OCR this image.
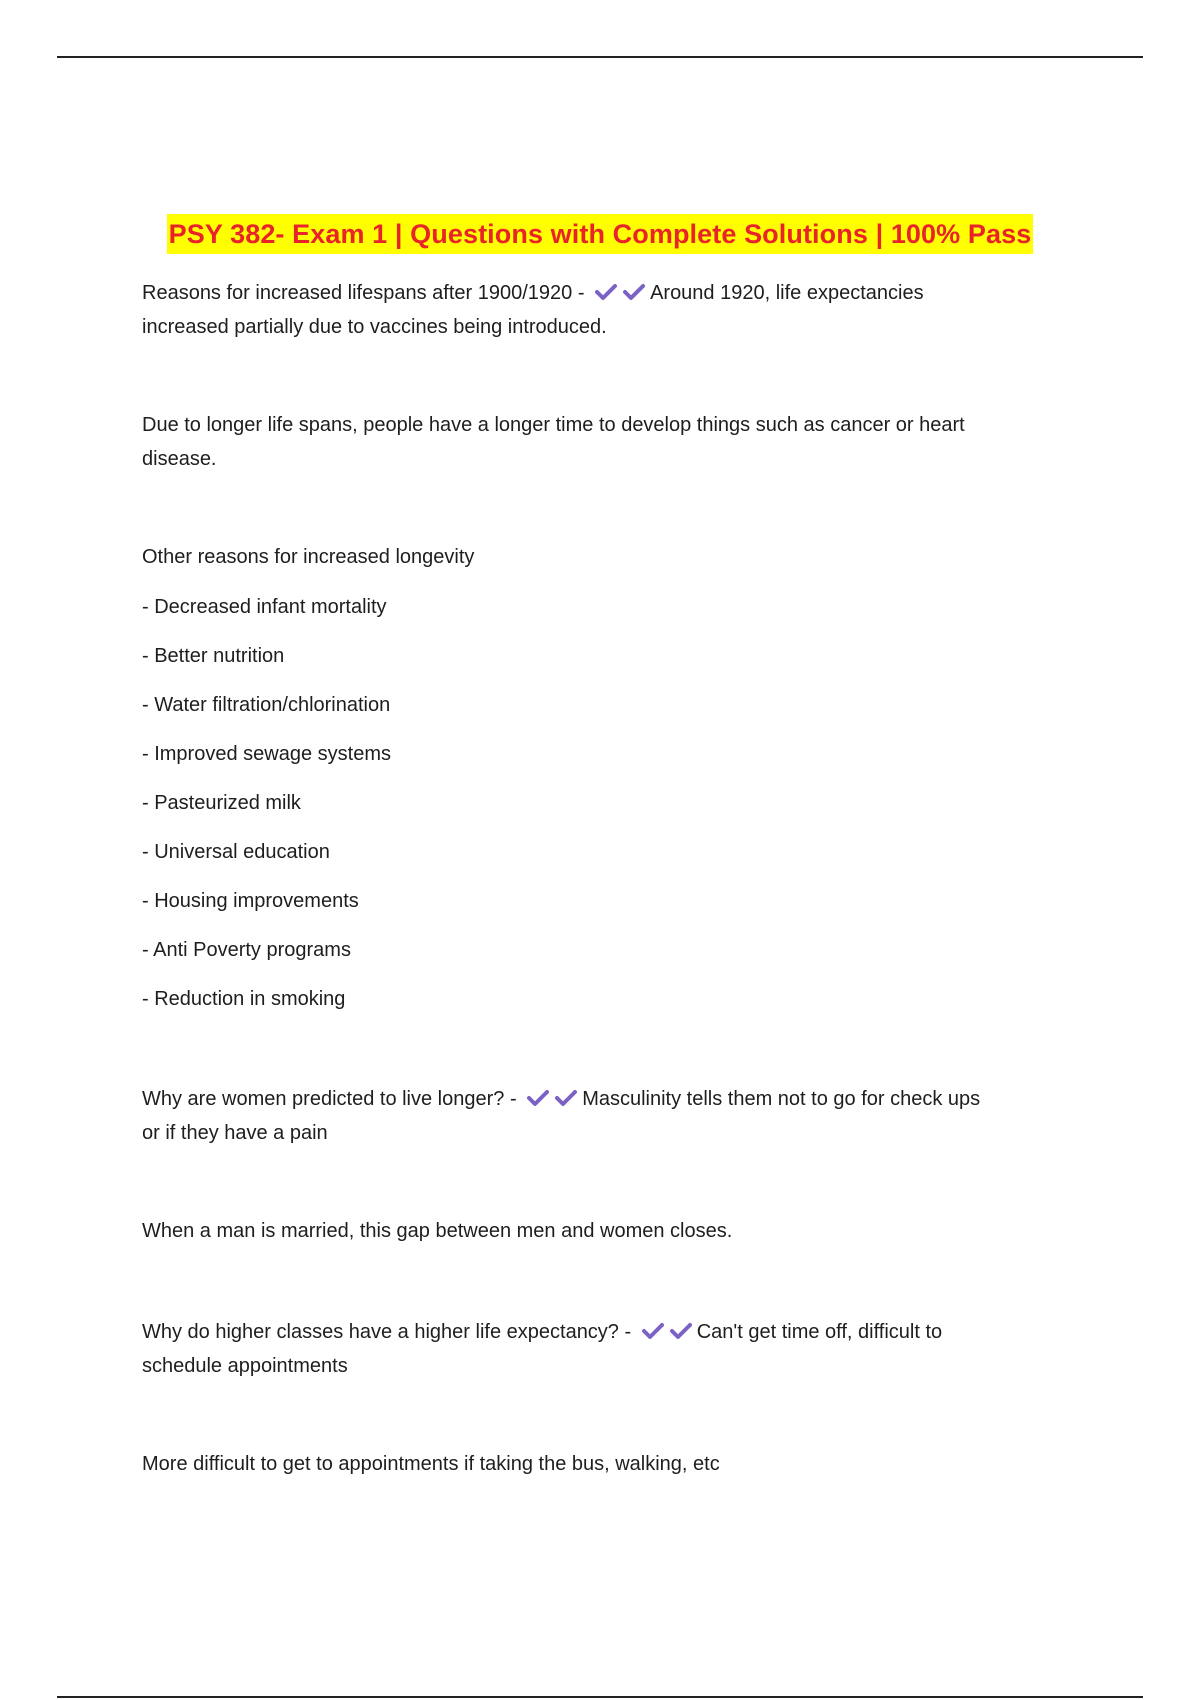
PSY 382- Exam 1 | Questions with Complete Solutions | 100% Pass
Reasons for increased lifespans after 1900/1920 -	Around 1920, life expectancies
increased partially due to vaccines being introduced.
Due to longer life spans, people have a longer time to develop things such as cancer or heart
disease.
Other reasons for increased longevity
- Decreased infant mortality
- Better nutrition
- Water filtration/chlorination
- Improved sewage systems
- Pasteurized milk
- Universal education
- Housing improvements
- Anti Poverty programs
- Reduction in smoking
Why are women predicted to live longer? -	Masculinity tells them not to go for check ups
or if they have a pain
When a man is married, this gap between men and women closes.
Why do higher classes have a higher life expectancy? -	Can't get time off, difficult to
schedule appointments
More difficult to get to appointments if taking the bus, walking, etc
